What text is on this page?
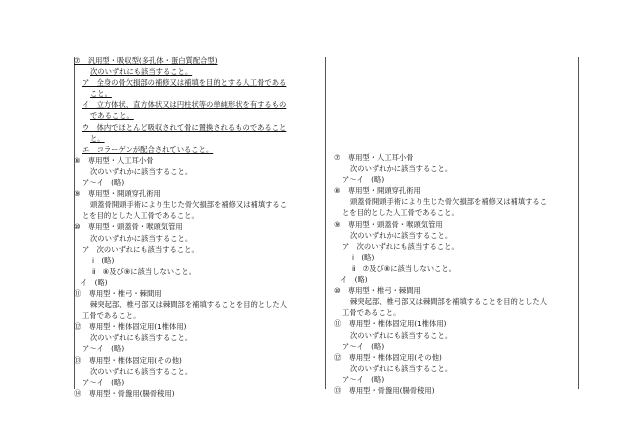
⑦　汎用型・吸収型(多孔体・蛋白質配合型)
次のいずれにも該当すること。
ア　全身の骨欠損部の補修又は補填を目的とする人工骨である
こと。
イ　立方体状、直方体状又は円柱状等の単純形状を有するもの
であること。
ウ　体内でほとんど吸収されて骨に置換されるものであること
と。
エ　コラーゲンが配合されていること。
⑧　専用型・人工耳小骨
次のいずれかに該当すること。
ア～イ　(略)
⑨　専用型・開頭穿孔術用
頭蓋骨開頭手術により生じた骨欠損部を補修又は補填するこ
とを目的とした人工骨であること。
⑩　専用型・頭蓋骨・喉頭気管用
次のいずれかに該当すること。
ア　次のいずれにも該当すること。
ⅰ　(略)
ⅱ　⑧及び⑨に該当しないこと。
イ　(略)
⑪　専用型・椎弓・棘間用
棘突起部、椎弓部又は棘間部を補填することを目的とした人
工骨であること。
⑫　専用型・椎体固定用(1椎体用)
次のいずれにも該当すること。
ア～イ　(略)
⑬　専用型・椎体固定用(その他)
次のいずれにも該当すること。
ア～イ　(略)
⑭　専用型・骨盤用(腸骨稜用)
⑦　専用型・人工耳小骨
次のいずれかに該当すること。
ア～イ　(略)
⑧　専用型・開頭穿孔術用
頭蓋骨開頭手術により生じた骨欠損部を補修又は補填するこ
とを目的とした人工骨であること。
⑨　専用型・頭蓋骨・喉頭気管用
次のいずれかに該当すること。
ア　次のいずれにも該当すること。
ⅰ　(略)
ⅱ　⑦及び⑧に該当しないこと。
イ　(略)
⑩　専用型・椎弓・棘間用
棘突起部、椎弓部又は棘間部を補填することを目的とした人
工骨であること。
⑪　専用型・椎体固定用(1椎体用)
次のいずれにも該当すること。
ア～イ　(略)
⑫　専用型・椎体固定用(その他)
次のいずれにも該当すること。
ア～イ　(略)
⑬　専用型・骨盤用(腸骨稜用)
